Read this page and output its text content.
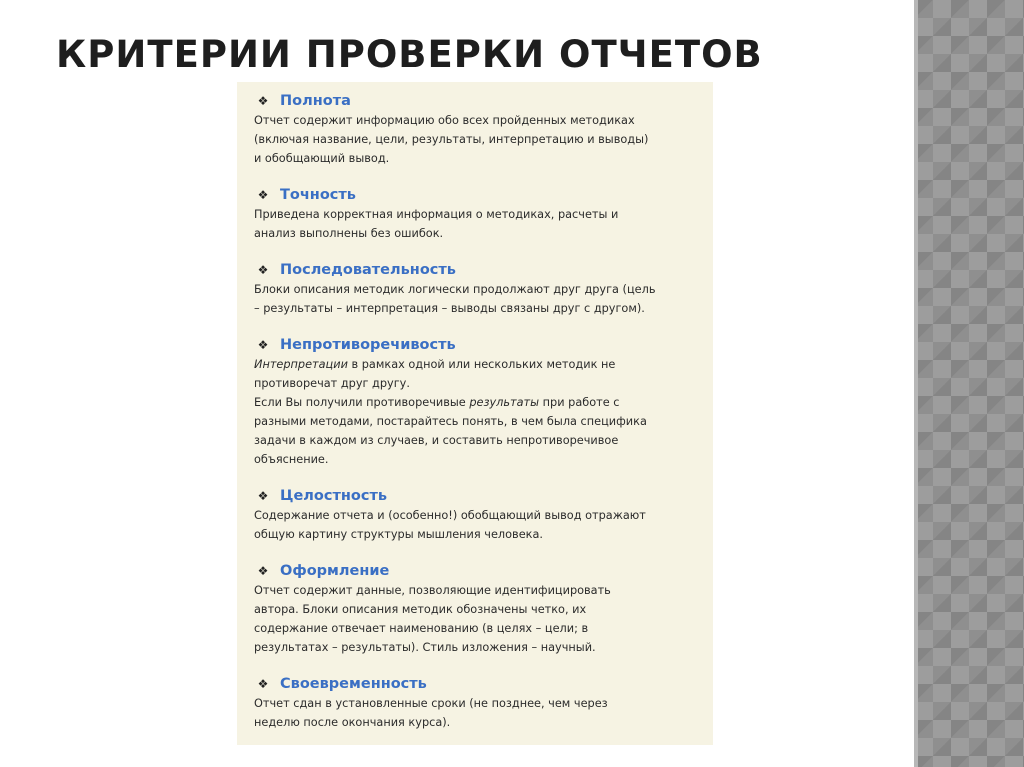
КРИТЕРИИ ПРОВЕРКИ ОТЧЕТОВ
❖ Полнота
Отчет содержит информацию обо всех пройденных методиках
(включая название, цели, результаты, интерпретацию и выводы)
и обобщающий вывод.
❖ Точность
Приведена корректная информация о методиках, расчеты и
анализ выполнены без ошибок.
❖ Последовательность
Блоки описания методик логически продолжают друг друга (цель
– результаты – интерпретация – выводы связаны друг с другом).
❖ Непротиворечивость
Интерпретации в рамках одной или нескольких методик не
противоречат друг другу.
Если Вы получили противоречивые результаты при работе с
разными методами, постарайтесь понять, в чем была специфика
задачи в каждом из случаев, и составить непротиворечивое
объяснение.
❖ Целостность
Содержание отчета и (особенно!) обобщающий вывод отражают
общую картину структуры мышления человека.
❖ Оформление
Отчет содержит данные, позволяющие идентифицировать
автора. Блоки описания методик обозначены четко, их
содержание отвечает наименованию (в целях – цели; в
результатах – результаты). Стиль изложения – научный.
❖ Своевременность
Отчет сдан в установленные сроки (не позднее, чем через
неделю после окончания курса).
